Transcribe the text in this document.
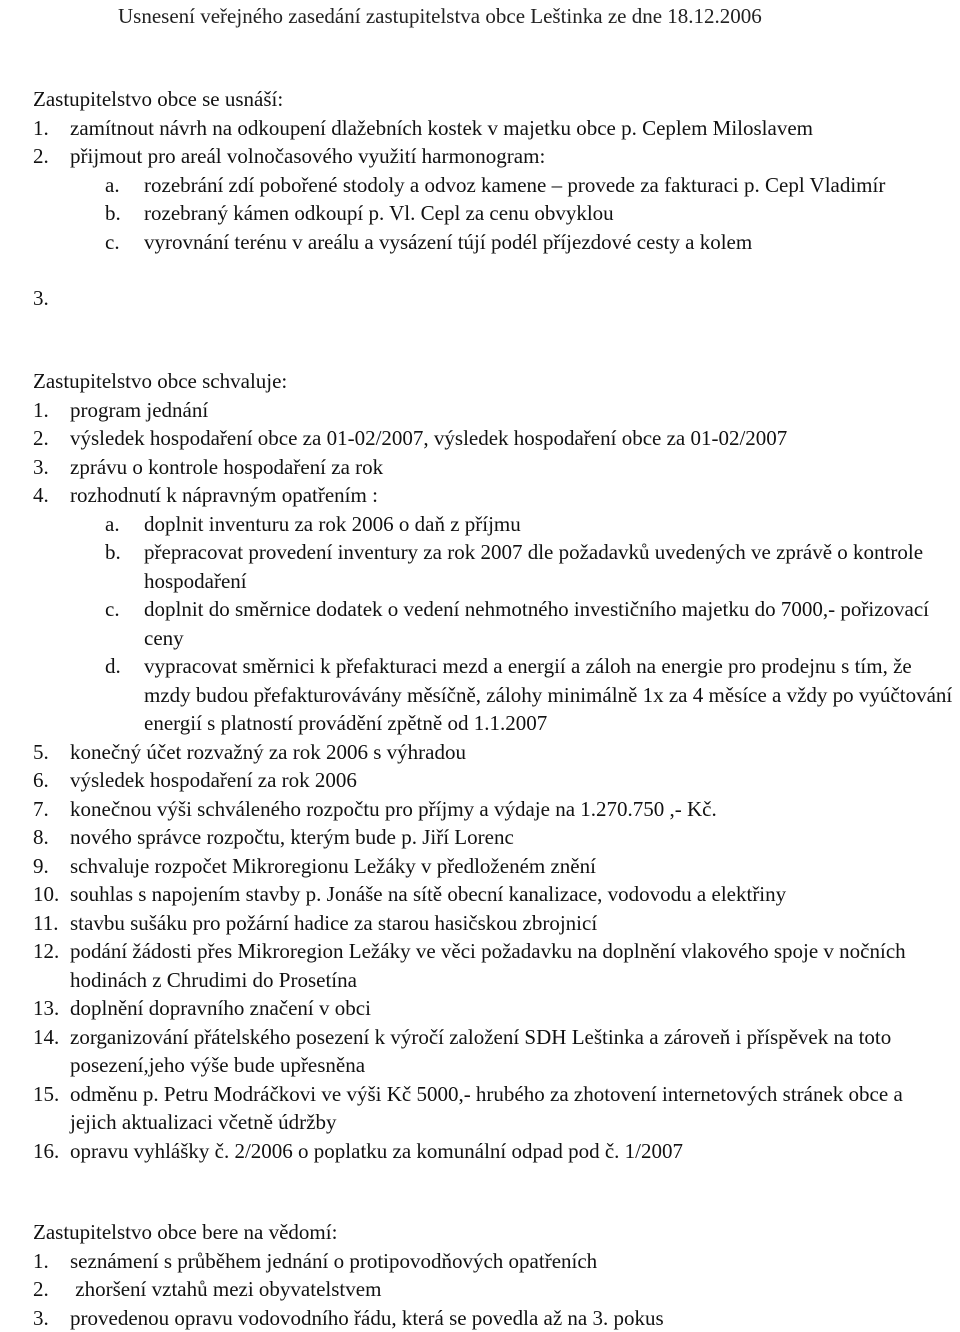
Usnesení veřejného zasedání zastupitelstva obce Leštinka ze dne 18.12.2006
Zastupitelstvo obce se usnáší:
1. zamítnout návrh na odkoupení dlažebních kostek v majetku obce p. Ceplem Miloslavem
2. přijmout pro areál volnočasového využití harmonogram:
a. rozebrání zdí pobořené stodoly a odvoz kamene – provede za fakturaci p. Cepl Vladimír
b. rozebraný kámen odkoupí p. Vl. Cepl za cenu obvyklou
c. vyrovnání terénu v areálu a vysázení tújí podél příjezdové cesty a kolem
3.
Zastupitelstvo obce schvaluje:
1. program jednání
2. výsledek hospodaření obce za 01-02/2007, výsledek hospodaření obce za 01-02/2007
3. zprávu o kontrole hospodaření za rok
4. rozhodnutí k nápravným opatřením :
a. doplnit inventuru za rok 2006 o daň z příjmu
b. přepracovat provedení inventury za rok 2007 dle požadavků uvedených ve zprávě o kontrole hospodaření
c. doplnit do směrnice dodatek o vedení nehmotného investičního majetku do 7000,- pořizovací ceny
d. vypracovat směrnici k přefakturaci mezd a energií a záloh na energie pro prodejnu s tím, že mzdy budou přefakturovávány měsíčně, zálohy minimálně 1x za 4 měsíce a vždy po vyúčtování energií s platností provádění zpětně od 1.1.2007
5. konečný účet rozvažný za rok 2006 s výhradou
6. výsledek hospodaření za rok 2006
7. konečnou výši schváleného rozpočtu pro příjmy a výdaje na 1.270.750 ,- Kč.
8. nového správce rozpočtu, kterým bude p. Jiří Lorenc
9. schvaluje rozpočet Mikroregionu Ležáky v předloženém znění
10. souhlas s napojením stavby p. Jonáše na sítě obecní kanalizace, vodovodu a elektřiny
11. stavbu sušáku pro požární hadice za starou hasičskou zbrojnicí
12. podání žádosti přes Mikroregion Ležáky ve věci požadavku na doplnění vlakového spoje v nočních hodinách z Chrudimi do Prosetína
13. doplnění dopravního značení v obci
14. zorganizování přátelského posezení k výročí založení SDH Leštinka a zároveň i příspěvek na toto posezení,jeho výše bude upřesněna
15. odměnu p. Petru Modráčkovi ve výši Kč 5000,- hrubého za zhotovení internetových stránek obce a jejich aktualizaci včetně údržby
16. opravu vyhlášky č. 2/2006 o poplatku za komunální odpad pod č. 1/2007
Zastupitelstvo obce bere na vědomí:
1. seznámení s průběhem jednání o protipovodňových opatřeních
2. zhoršení vztahů mezi obyvatelstvem
3. provedenou opravu vodovodního řádu, která se povedla až na 3. pokus
